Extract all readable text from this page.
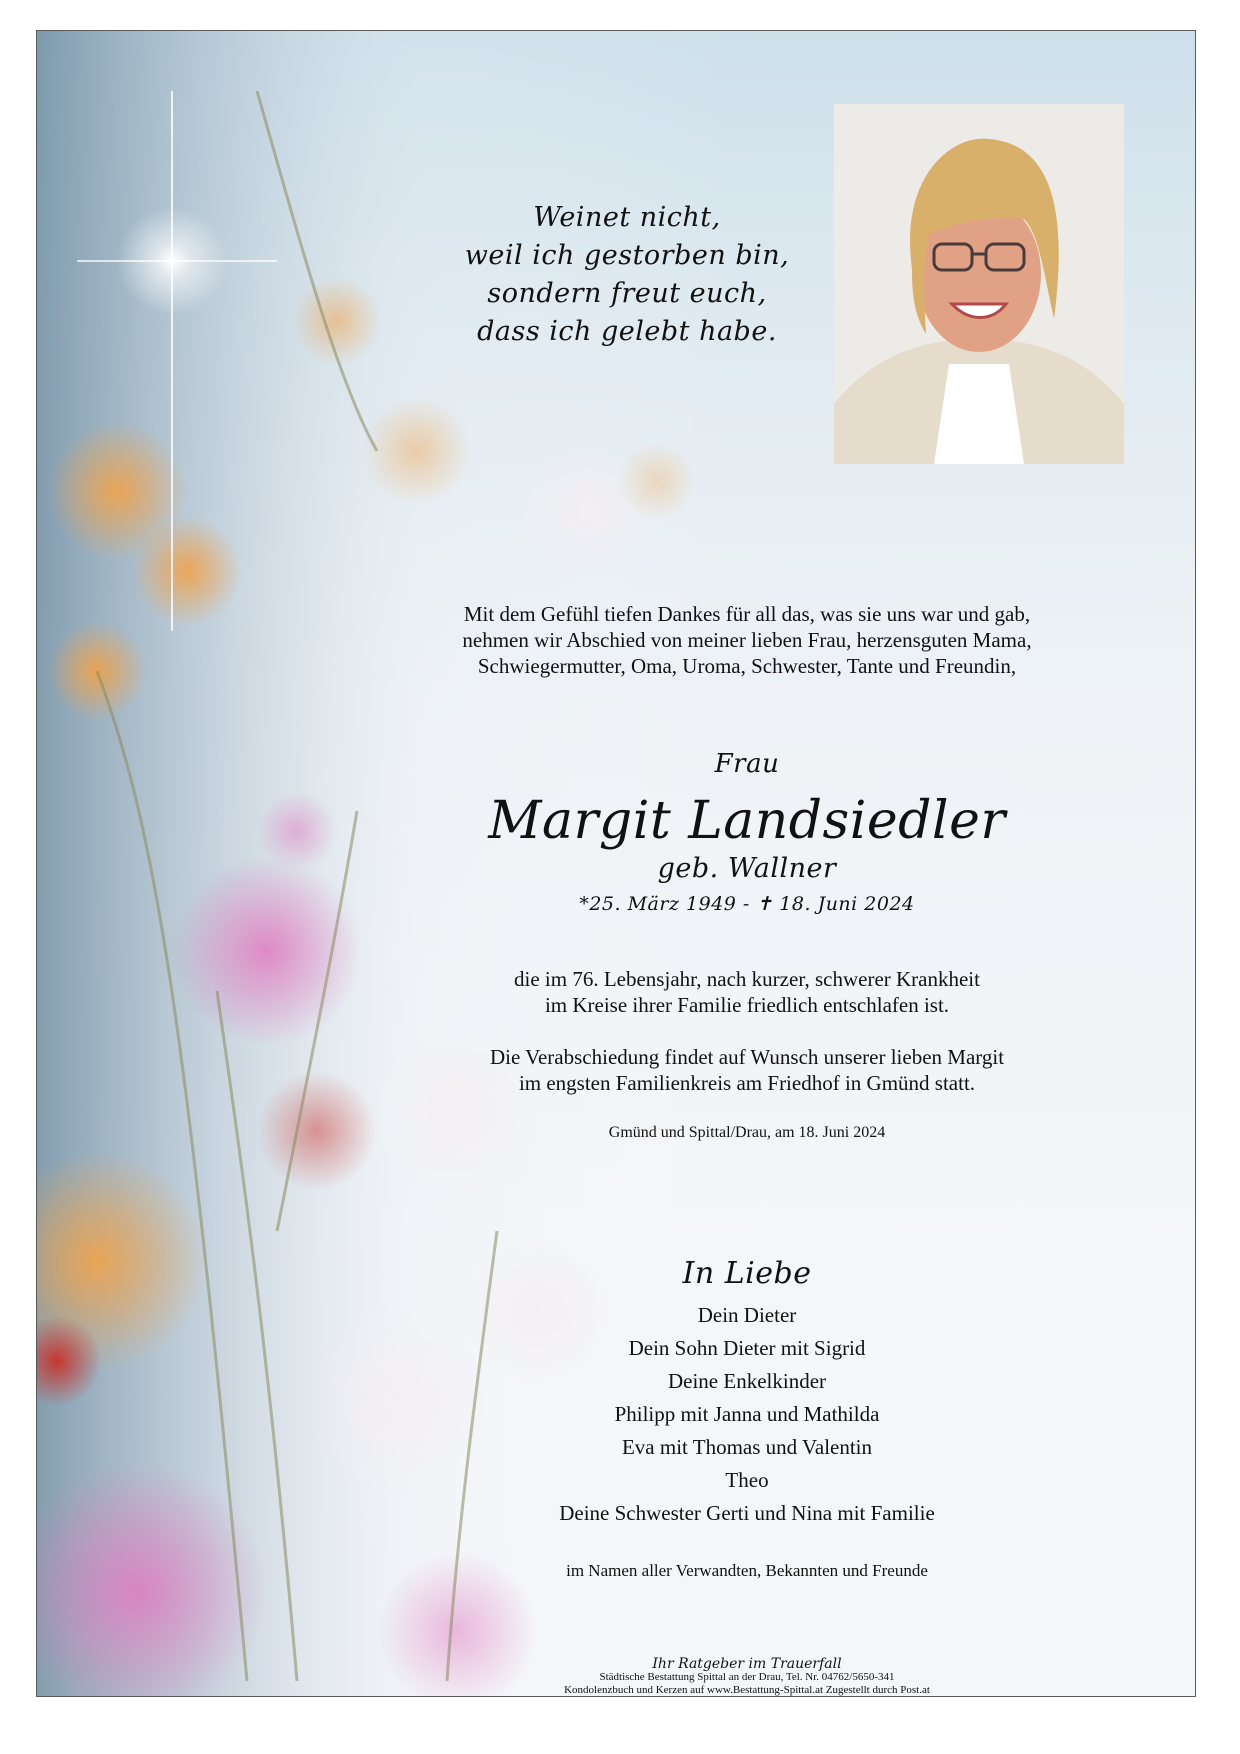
Weinet nicht,
weil ich gestorben bin,
sondern freut euch,
dass ich gelebt habe.
Mit dem Gefühl tiefen Dankes für all das, was sie uns war und gab,
nehmen wir Abschied von meiner lieben Frau, herzensguten Mama,
Schwiegermutter, Oma, Uroma, Schwester, Tante und Freundin,
Frau
Margit Landsiedler
geb. Wallner
*25. März 1949 - ✝ 18. Juni 2024
die im 76. Lebensjahr, nach kurzer, schwerer Krankheit
im Kreise ihrer Familie friedlich entschlafen ist.
Die Verabschiedung findet auf Wunsch unserer lieben Margit
im engsten Familienkreis am Friedhof in Gmünd statt.
Gmünd und Spittal/Drau, am 18. Juni 2024
In Liebe
Dein Dieter
Dein Sohn Dieter mit Sigrid
Deine Enkelkinder
Philipp mit Janna und Mathilda
Eva mit Thomas und Valentin
Theo
Deine Schwester Gerti und Nina mit Familie
im Namen aller Verwandten, Bekannten und Freunde
Ihr Ratgeber im Trauerfall
Städtische Bestattung Spittal an der Drau, Tel. Nr. 04762/5650-341
Kondolenzbuch und Kerzen auf www.Bestattung-Spittal.at Zugestellt durch Post.at
